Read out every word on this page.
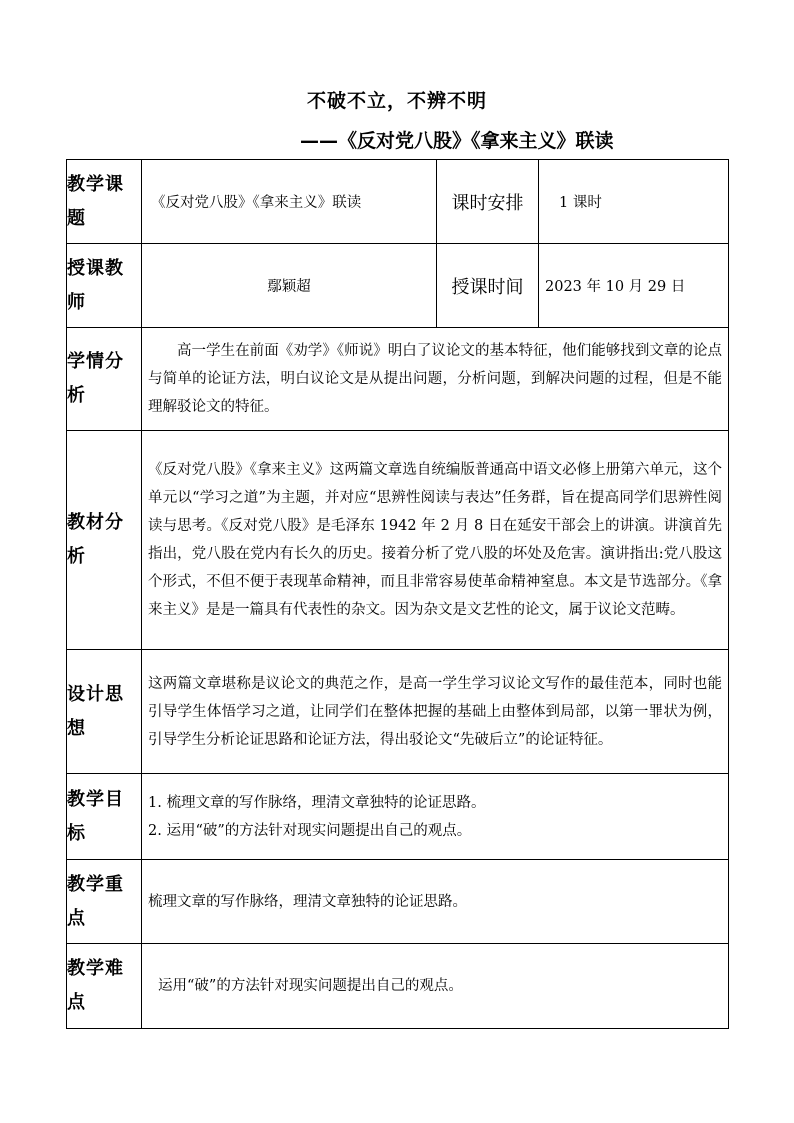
不破不立，不辨不明
——《反对党八股》《拿来主义》联读
教学课题	《反对党八股》《拿来主义》联读	课时安排	1 课时
授课教师	鄢颖超	授课时间	2023 年 10 月 29 日
学情分析	高一学生在前面《劝学》《师说》明白了议论文的基本特征，他们能够找到文章的论点与简单的论证方法，明白议论文是从提出问题，分析问题，到解决问题的过程，但是不能理解驳论文的特征。		

教材分析	《反对党八股》《拿来主义》这两篇文章选自统编版普通高中语文必修上册第六单元，这个单元以“学习之道”为主题，并对应“思辨性阅读与表达”任务群，旨在提高同学们思辨性阅读与思考。《反对党八股》是毛泽东 1942 年 2 月 8 日在延安干部会上的讲演。讲演首先指出，党八股在党内有长久的历史。接着分析了党八股的坏处及危害。演讲指出:党八股这个形式，不但不便于表现革命精神，而且非常容易使革命精神窒息。本文是节选部分。《拿来主义》是是一篇具有代表性的杂文。因为杂文是文艺性的论文，属于议论文范畴。		

设计思想	这两篇文章堪称是议论文的典范之作，是高一学生学习议论文写作的最佳范本，同时也能引导学生体悟学习之道，让同学们在整体把握的基础上由整体到局部，以第一罪状为例，引导学生分析论证思路和论证方法，得出驳论文“先破后立”的论证特征。		

教学目标	1. 梳理文章的写作脉络，理清文章独特的论证思路。
2. 运用“破”的方法针对现实问题提出自己的观点。		

教学重点	梳理文章的写作脉络，理清文章独特的论证思路。		

教学难点	运用“破”的方法针对现实问题提出自己的观点。		
